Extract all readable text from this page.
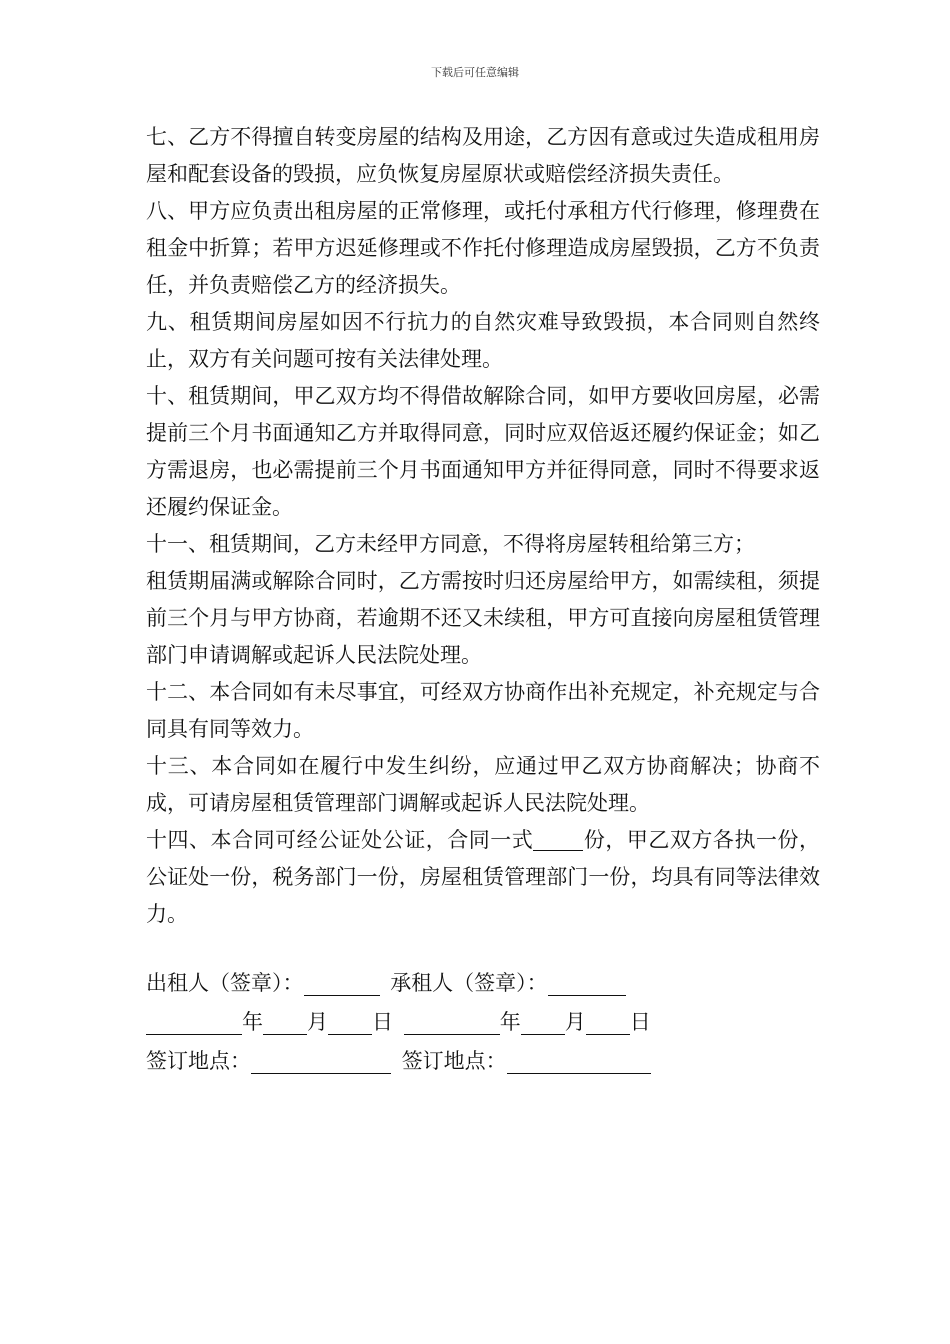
下载后可任意编辑

七、乙方不得擅自转变房屋的结构及用途，乙方因有意或过失造成租用房屋和配套设备的毁损，应负恢复房屋原状或赔偿经济损失责任。

八、甲方应负责出租房屋的正常修理，或托付承租方代行修理，修理费在租金中折算；若甲方迟延修理或不作托付修理造成房屋毁损，乙方不负责任，并负责赔偿乙方的经济损失。

九、租赁期间房屋如因不行抗力的自然灾难导致毁损，本合同则自然终止，双方有关问题可按有关法律处理。

十、租赁期间，甲乙双方均不得借故解除合同，如甲方要收回房屋，必需提前三个月书面通知乙方并取得同意，同时应双倍返还履约保证金；如乙方需退房，也必需提前三个月书面通知甲方并征得同意，同时不得要求返还履约保证金。

十一、租赁期间，乙方未经甲方同意，不得将房屋转租给第三方；

租赁期届满或解除合同时，乙方需按时归还房屋给甲方，如需续租，须提前三个月与甲方协商，若逾期不还又未续租，甲方可直接向房屋租赁管理部门申请调解或起诉人民法院处理。

十二、本合同如有未尽事宜，可经双方协商作出补充规定，补充规定与合同具有同等效力。

十三、本合同如在履行中发生纠纷，应通过甲乙双方协商解决；协商不成，可请房屋租赁管理部门调解或起诉人民法院处理。

十四、本合同可经公证处公证，合同一式 份，甲乙双方各执一份，公证处一份，税务部门一份，房屋租赁管理部门一份，均具有同等法律效力。

出租人（签章）：	承租人（签章）：
年 月 日	年 月 日
签订地点：	签订地点：
